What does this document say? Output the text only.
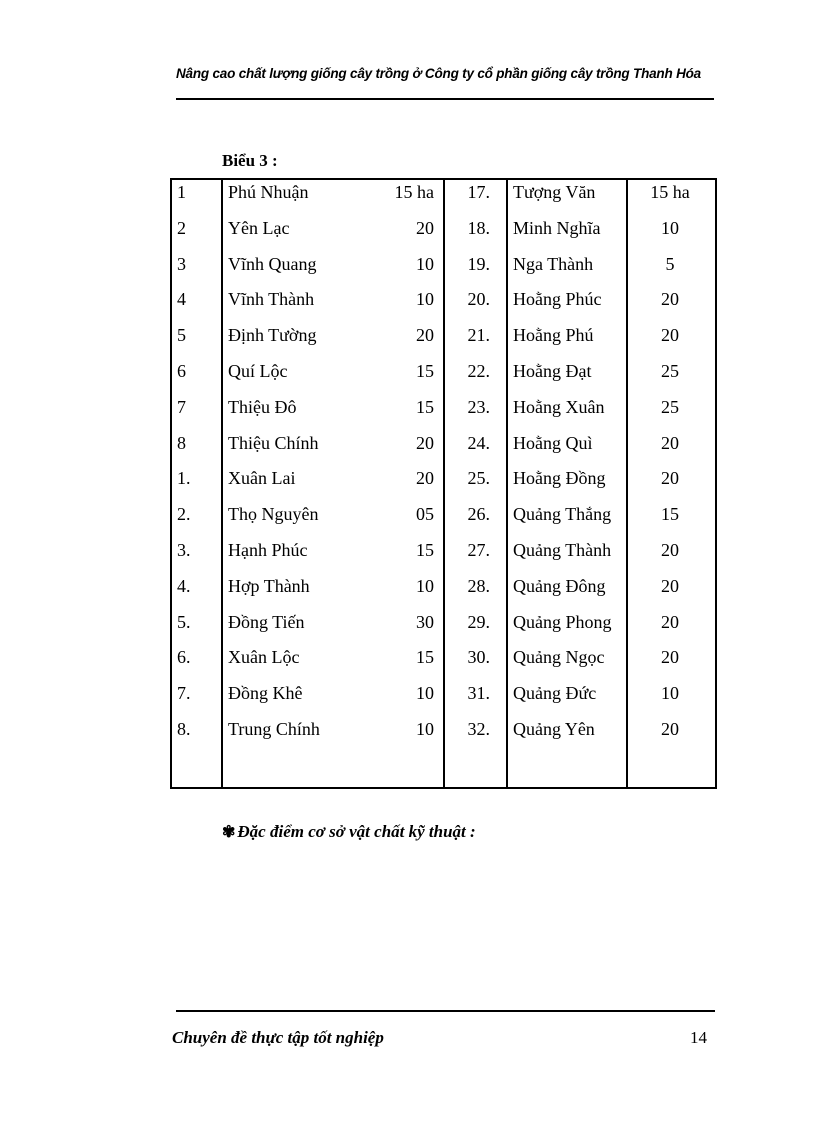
Nâng cao chất lượng giống cây trồng ở Công ty cổ phần giống cây trồng Thanh Hóa
Biểu 3 :
1 Phú Nhuận	15 ha	17. Tượng Văn	15 ha
2 Yên Lạc	20	18. Minh Nghĩa	10
3 Vĩnh Quang	10	19. Nga Thành	5
4 Vĩnh Thành	10	20. Hoằng Phúc	20
5 Định Tường	20	21. Hoằng Phú	20
6 Quí Lộc	15	22. Hoằng Đạt	25
7 Thiệu Đô	15	23. Hoằng Xuân	25
8 Thiệu Chính	20	24. Hoằng Quì	20
1. Xuân Lai	20	25. Hoằng Đồng	20
2. Thọ Nguyên	05	26. Quảng Thắng	15
3. Hạnh Phúc	15	27. Quảng Thành	20
4. Hợp Thành	10	28. Quảng Đông	20
5. Đồng Tiến	30	29. Quảng Phong	20
6. Xuân Lộc	15	30. Quảng Ngọc	20
7. Đồng Khê	10	31. Quảng Đức	10
8. Trung Chính	10	32. Quảng Yên	20
✾ Đặc điểm cơ sở vật chất kỹ thuật :
Chuyên đề thực tập tốt nghiệp	14
